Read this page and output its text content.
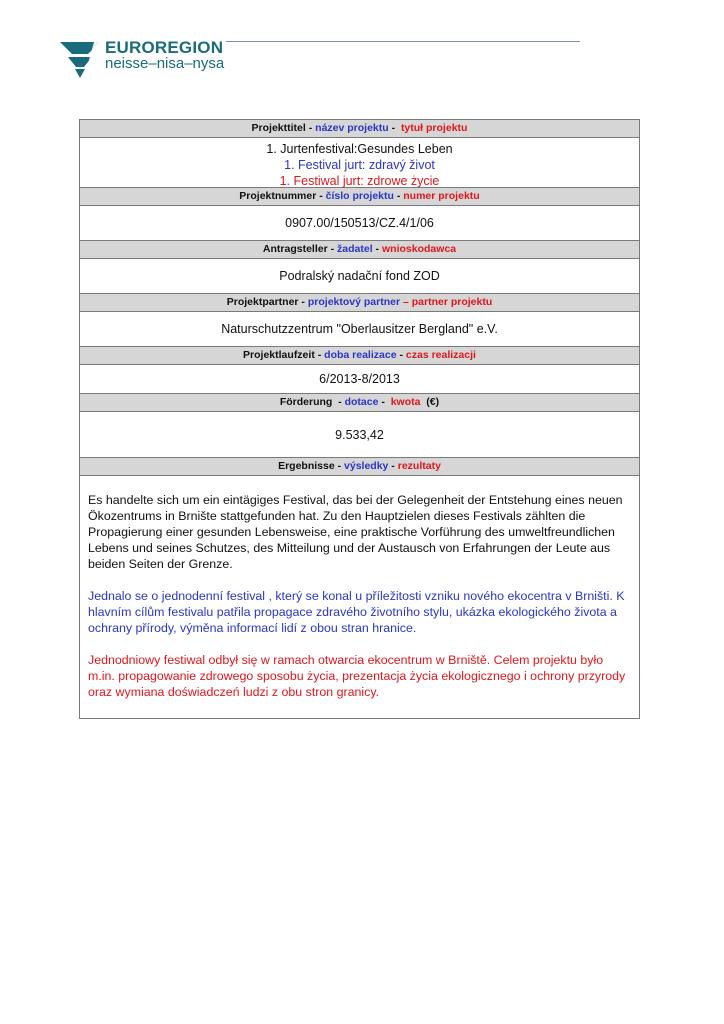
EUROREGION
neisse–nisa–nysa
Projekttitel - název projektu -  tytuł projektu
1. Jurtenfestival:Gesundes Leben
1. Festival jurt: zdravý život
1. Festiwal jurt: zdrowe życie
Projektnummer - číslo projektu - numer projektu
0907.00/150513/CZ.4/1/06
Antragsteller - žadatel - wnioskodawca
Podralský nadační fond ZOD
Projektpartner - projektový partner – partner projektu
Naturschutzzentrum "Oberlausitzer Bergland" e.V.
Projektlaufzeit - doba realizace - czas realizacji
6/2013-8/2013
Förderung  - dotace -  kwota (€)
9.533,42
Ergebnisse - výsledky - rezultaty

Es handelte sich um ein eintägiges Festival, das bei der Gelegenheit der Entstehung eines neuen Ökozentrums in Brnište stattgefunden hat. Zu den Hauptzielen dieses Festivals zählten die Propagierung einer gesunden Lebensweise, eine praktische Vorführung des umweltfreundlichen Lebens und seines Schutzes, des Mitteilung und der Austausch von Erfahrungen der Leute aus beiden Seiten der Grenze.

Jednalo se o jednodenní festival , který se konal u příležitosti vzniku nového ekocentra v Brništi. K hlavním cílům festivalu patřila propagace zdravého životního stylu, ukázka ekologického života a ochrany přírody, výměna informací lidí z obou stran hranice.

Jednodniowy festiwal odbył się w ramach otwarcia ekocentrum w Brniště. Celem projektu było m.in. propagowanie zdrowego sposobu życia, prezentacja życia ekologicznego i ochrony przyrody oraz wymiana doświadczeń ludzi z obu stron granicy.
